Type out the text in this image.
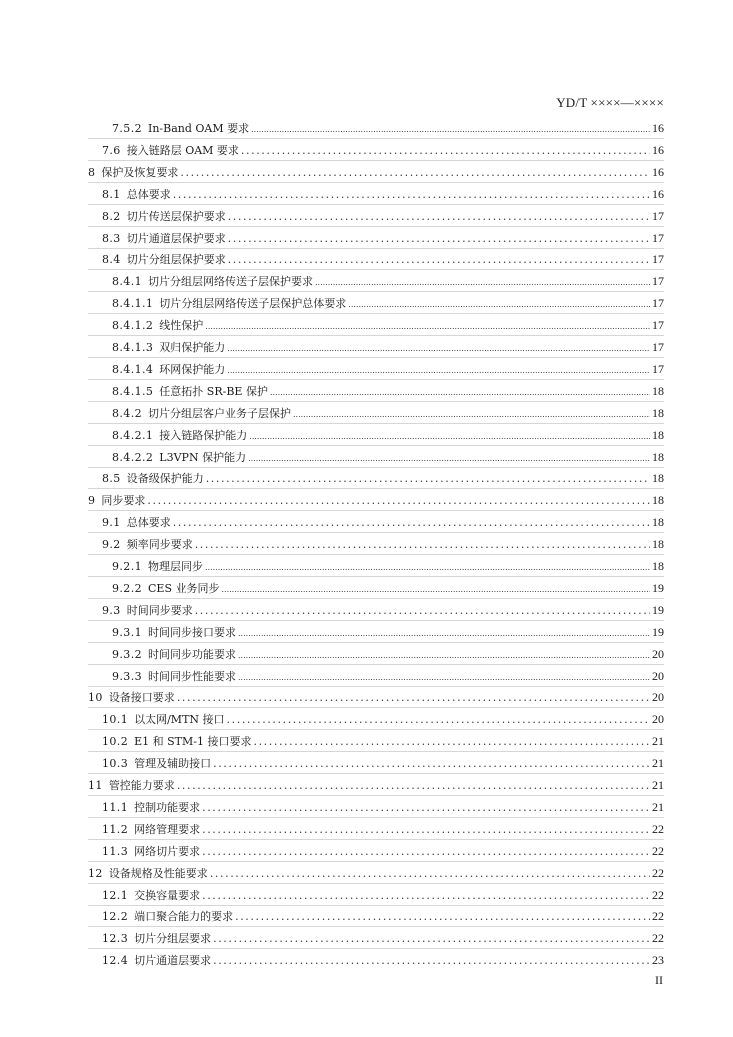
YD/T ××××—××××
7.5.2 In-Band OAM 要求 .....	16
7.6 接入链路层 OAM 要求 .....	16
8 保护及恢复要求 .....	16
8.1 总体要求 .....	16
8.2 切片传送层保护要求 .....	17
8.3 切片通道层保护要求 .....	17
8.4 切片分组层保护要求 .....	17
8.4.1 切片分组层网络传送子层保护要求 .....	17
8.4.1.1 切片分组层网络传送子层保护总体要求 .....	17
8.4.1.2 线性保护 .....	17
8.4.1.3 双归保护能力 .....	17
8.4.1.4 环网保护能力 .....	17
8.4.1.5 任意拓扑 SR-BE 保护 .....	18
8.4.2 切片分组层客户业务子层保护 .....	18
8.4.2.1 接入链路保护能力 .....	18
8.4.2.2 L3VPN 保护能力 .....	18
8.5 设备级保护能力 .....	18
9 同步要求 .....	18
9.1 总体要求 .....	18
9.2 频率同步要求 .....	18
9.2.1 物理层同步 .....	18
9.2.2 CES 业务同步 .....	19
9.3 时间同步要求 .....	19
9.3.1 时间同步接口要求 .....	19
9.3.2 时间同步功能要求 .....	20
9.3.3 时间同步性能要求 .....	20
10 设备接口要求 .....	20
10.1 以太网/MTN 接口 .....	20
10.2 E1 和 STM-1 接口要求 .....	21
10.3 管理及辅助接口 .....	21
11 管控能力要求 .....	21
11.1 控制功能要求 .....	21
11.2 网络管理要求 .....	22
11.3 网络切片要求 .....	22
12 设备规格及性能要求 .....	22
12.1 交换容量要求 .....	22
12.2 端口聚合能力的要求 .....	22
12.3 切片分组层要求 .....	22
12.4 切片通道层要求 .....	23
II
